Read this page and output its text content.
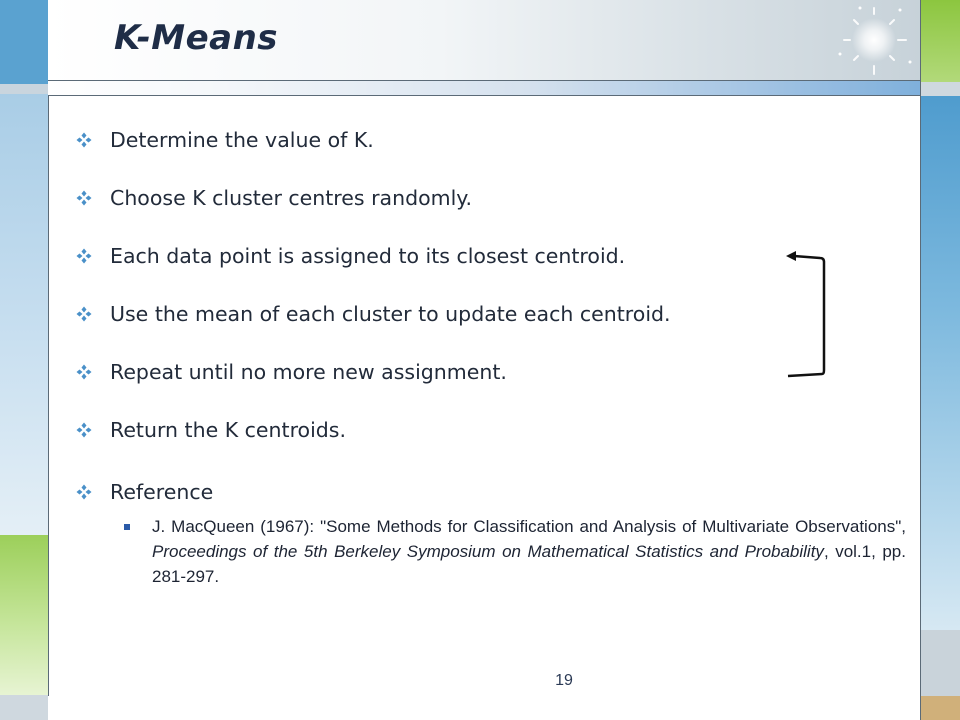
K-Means
Determine the value of K.
Choose K cluster centres randomly.
Each data point is assigned to its closest centroid.
Use the mean of each cluster to update each centroid.
Repeat until no more new assignment.
Return the K centroids.
Reference
J. MacQueen (1967): "Some Methods for Classification and Analysis of Multivariate Observations", Proceedings of the 5th Berkeley Symposium on Mathematical Statistics and Probability, vol.1, pp. 281-297.
19
